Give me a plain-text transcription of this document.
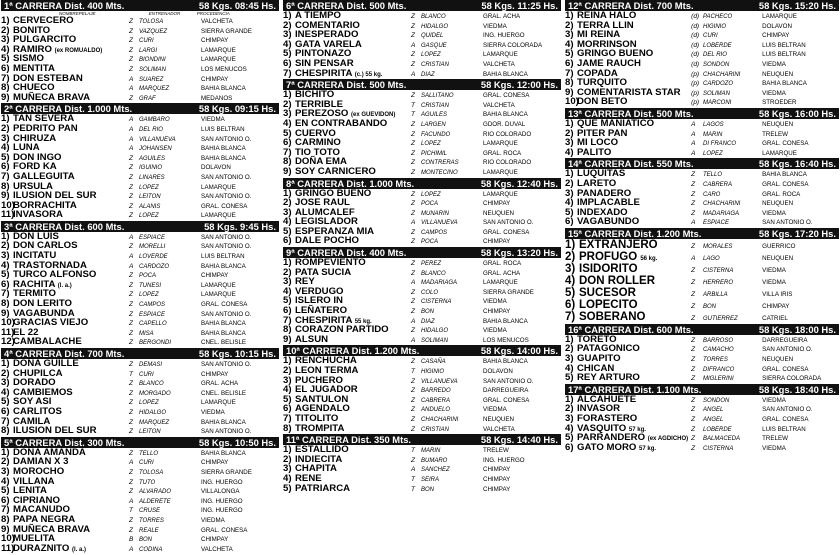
1ª CARRERA Dist. 400 Mts.	58 Kgs. 08:45 Hs.
NOMBRE PELAJE	ENTRENADOR	PROCEDENCIA
1) CERVECERO	Z	TOLOSA	VALCHETA
2) BONITO	Z	VAZQUEZ	SIERRA GRANDE
3) PULGARCITO	Z	CURI	CHIMPAY
4) RAMIRO (ex ROMUALDO)	Z	LARGI	LAMARQUE
5) SISMO	Z	BIONDINI	LAMARQUE
6) MENTITA	Z	SOLIMAN	LOS MENUCOS
7) DON ESTEBAN	A SUAREZ	CHIMPAY
8) CHUECO	A MARQUEZ	BAHIA BLANCA
9) MUÑECA BRAVA	Z	GRAF	MEDANOS
2ª CARRERA Dist. 1.000 Mts.	58 Kgs. 09:15 Hs.
1) TAN SEVERA	A GAMBARO	VIEDMA
2) PEDRITO PAN	A DEL RIO	LUIS BELTRAN
3) CHIRUZA	A VILLANUEVA	SAN ANTONIO O.
4) LUNA	A JOHANSEN	BAHIA BLANCA
5) DON INGO	Z	AGUILES	BAHIA BLANCA
6) FORD KA	Z	IGUINIO	DOLAVON
7) GALLEGUITA	Z	LINARES	SAN ANTONIO O.
8) URSULA	Z	LOPEZ	LAMARQUE
9) ILUSION DEL SUR	Z	LEITON	SAN ANTONIO O.
10)BORRACHITA	Z	ALANIS	GRAL. CONESA
11)INVASORA	Z	LOPEZ	LAMARQUE
3ª CARRERA Dist. 600 Mts.	58 Kgs. 9:45 Hs.
1) DON LUIS	A ESPIACE	SAN ANTONIO O.
2) DON CARLOS	Z	MORELLI	SAN ANTONIO O.
3) INCITATU	A LOVERDE	LUIS BELTRAN
4) TRASTORNADA	A CARDOZO	BAHIA BLANCA
5) TURCO ALFONSO	Z	POCA	CHIMPAY
6) RACHITA (l. a.)	Z	TUNESI	LAMARQUE
7) TERMITO	Z	LOPEZ	LAMARQUE
8) DON LERITO	Z	CAMPOS	GRAL. CONESA
9) VAGABUNDA	Z	ESPIACE	SAN ANTONIO O.
10)GRACIAS VIEJO	Z	CAPELLO	BAHIA BLANCA
11)EL 22	Z	MISA	BAHIA BLANCA
12)CAMBALACHE	Z	BERGONDI	CNEL. BELISLE
4ª CARRERA Dist. 700 Mts.	58 Kgs. 10:15 Hs.
1) DOÑA GUILLE	Z	DEMASI	SAN ANTONIO O.
2) CHUPILCA	T	CURI	CHIMPAY
3) DORADO	Z	BLANCO	GRAL. ACHA
4) CAMBIEMOS	Z	MORGADO	CNEL. BELISLE
5) SOY ASI	Z	LOPEZ	LAMARQUE
6) CARLITOS	Z	HIDALGO	VIEDMA
7) CAMILA	Z	MARQUEZ	BAHIA BLANCA
8) ILUSION DEL SUR	Z	LEITON	SAN ANTONIO O.
5ª CARRERA Dist. 300 Mts.	58 Kgs. 10:50 Hs.
1) DOÑA AMANDA	Z	TELLO	BAHIA BLANCA
2) DAMIAN X 3	A CURI	CHIMPAY
3) MOROCHO	Z	TOLOSA	SIERRA GRANDE
4) VILLANA	Z	TUTO	ING. HUERGO
5) LENITA	Z	ALVARADO	VILLALONGA
6) CIPRIANO	A ALDERETE	ING. HUERGO
7) MACANUDO	T	CRUSE	ING. HUERGO
8) PAPA NEGRA	Z	TORRES	VIEDMA
9) MUÑECA BRAVA	Z	REALE	GRAL. CONESA
10)MUELITA	B BON	CHIMPAY
11)DURAZNITO (l. a.)	A CODINA	VALCHETA
6ª CARRERA Dist. 500 Mts.	58 Kgs. 11:25 Hs.
1) A TIEMPO	Z	BLANCO	GRAL. ACHA
2) COMENTARIO	Z	HIDALGO	VIEDMA
3) INESPERADO	Z	QUIDEL	ING. HUERGO
4) GATA VARELA	A GASQUE	SIERRA COLORADA
5) PINTONAZO	Z	LOPEZ	LAMARQUE
6) SIN PENSAR	Z	CRISTIAN	VALCHETA
7) CHESPIRITA (c.) 55 kg.	A DIAZ	BAHIA BLANCA
7ª CARRERA Dist. 500 Mts.	58 Kgs. 12:00 Hs.
1) BICHITO	Z	SALLITANO	GRAL. CONESA
2) TERRIBLE	T	CRISTIAN	VALCHETA
3) PEREZOSO (ex GUEVIDON)	T	AGUILES	BAHIA BLANCA
4) EN CONTRABANDO	Z	LARGEN	GDOR. DUVAL
5) CUERVO	Z	FACUNDO	RIO COLORADO
6) CARMINO	Z	LOPEZ	LAMARQUE
7) TIO TOTO	Z	PICHIMIL	GRAL. ROCA
8) DOÑA EMA	Z	CONTRERAS	RIO COLORADO
9) SOY CARNICERO	Z	MONTECINO	LAMARQUE
8ª CARRERA Dist. 1.000 Mts.	58 Kgs. 12:40 Hs.
1) GRINGO BUENO	Z	LOPEZ	LAMARQUE
2) JOSE RAUL	Z	POCA	CHIMPAY
3) ALUMCALEF	Z	MUNARIN	NEUQUEN
4) LEGISLADOR	A VILLANUEVA	SAN ANTONIO O.
5) ESPERANZA MIA	Z	CAMPOS	GRAL. CONESA
6) DALE POCHO	Z	POCA	CHIMPAY
9ª CARRERA Dist. 400 Mts.	58 Kgs. 13:20 Hs.
1) ROMPEVIENTO	Z	PEREZ	GRAL. ROCA
2) PATA SUCIA	Z	BLANCO	GRAL. ACHA
3) REY	A MADARIAGA	LAMARQUE
4) VERDUGO	Z	COLO	SIERRA GRANDE
5) ISLERO IN	Z	CISTERNA	VIEDMA
6) LEÑATERO	Z	BON	CHIMPAY
7) CHESPIRITA 55 kg.	A DIAZ	BAHIA BLANCA
8) CORAZON PARTIDO	Z	HIDALGO	VIEDMA
9) ALSUN	A SOLIMAN	LOS MENUCOS
10ª CARRERA Dist. 1.200 Mts.	58 Kgs. 14:00 Hs.
1) RENCHUCHA	Z	CASAÑA	BAHIA BLANCA
2) LEON TERMA	T	HIGINIO	DOLAVON
3) PUCHERO	Z	VILLANUEVA	SAN ANTONIO O.
4) EL JUGADOR	Z	BARREDO	DARREGUEIRA
5) SANTULON	Z	CABRERA	GRAL. CONESA
6) AGENDALO	Z	ANDUELO	VIEDMA
7) TITOLITO	Z	CHACHARINI	NEUQUEN
8) TROMPITA	Z	CRISTIAN	VALCHETA
11ª CARRERA Dist. 350 Mts.	58 Kgs. 14:40 Hs.
1) ESTALLIDO	T	MARIN	TRELEW
2) INDIECITA	Z	BUMARO	ING. HUERGO
3) CHAPITA	A SANCHEZ	CHIMPAY
4) RENE	T	SEIRA	CHIMPAY
5) PATRIARCA	T	BON	CHIMPAY
12ª CARRERA Dist. 700 Mts.	58 Kgs. 15:20 Hs.
1) REINA HALO	(d) PACHECO	LAMARQUE
2) TERRA LLIN	(d) HIGINIO	DOLAVON
3) MI REINA	(d) CURI	CHIMPAY
4) MORRINSON	(d) LOBERDE	LUIS BELTRAN
5) GRINGO BUENO	(d) DEL RIO	LUIS BELTRAN
6) JAME RAUCH	(d) SONDON	VIEDMA
7) COPADA	(p) CHACHARINI	NEUQUEN
8) TURQUITO	(p) CARDOZO	BAHIA BLANCA
9) COMENTARISTA STAR	(p) SOLIMAN	VIEDMA
10)DON BETO	(p) MARCONI	STROEDER
13ª CARRERA Dist. 500 Mts.	58 Kgs. 16:00 Hs.
1) QUE MANIATICO	A	LAGOS	NEUQUEN
2) PITER PAN	A	MARIN	TRELEW
3) MI LOCO	A	DI FRANCO	GRAL. CONESA
4) PALITO	A	LOPEZ	LAMARQUE
14ª CARRERA Dist. 550 Mts.	58 Kgs. 16:40 Hs.
1) LUQUITAS	Z	TELLO	BAHIA BLANCA
2) LARETO	Z	CABRERA	GRAL. CONESA
3) PANADERO	Z	CARO	GRAL. ROCA
4) IMPLACABLE	Z	CHACHARINI	NEUQUEN
5) INDEXADO	Z	MADARIAGA	VIEDMA
6) VAGABUNDO	A	ESPIACE	SAN ANTONIO O.
15ª CARRERA Dist. 1.200 Mts.	58 Kgs. 17:20 Hs.
1) EXTRANJERO	Z	MORALES	GUERRICO
2) PROFUGO 56 kg.	A	LAGO	NEUQUEN
3) ISIDORITO	Z	CISTERNA	VIEDMA
4) DON ROLLER	Z	HERRERO	VIEDMA
5) SUCESOR	Z	ARBILLA	VILLA IRIS
6) LOPECITO	Z	BON	CHIMPAY
7) SOBERANO	Z	GUTIERREZ	CATRIEL
16ª CARRERA Dist. 600 Mts.	58 Kgs. 18:00 Hs.
1) TORETO	Z	BARROSO	DARREGUEIRA
2) PATAGONICO	Z	CAMACHO	SAN ANTONIO O.
3) GUAPITO	Z	TORRES	NEUQUEN
4) CHICAN	Z	DIFRANCO	GRAL. CONESA
5) REY ARTURO	Z	MIGLERINI	SIERRA COLORADA
17ª CARRERA Dist. 1.100 Mts.	58 Kgs. 18:40 Hs.
1) ALCAHUETE	Z	SONDON	VIEDMA
2) INVASOR	Z	ANGEL	SAN ANTONIO O.
3) FORASTERO	Z	ANGEL	GRAL. CONESA
4) VASQUITO 57 kg.	Z	LOBERDE	LUIS BELTRAN
5) PARRANDERO (ex AGDICHO) Z	BALMACEDA	TRELEW
6) GATO MORO 57 kg.	Z	CISTERNA	VIEDMA
